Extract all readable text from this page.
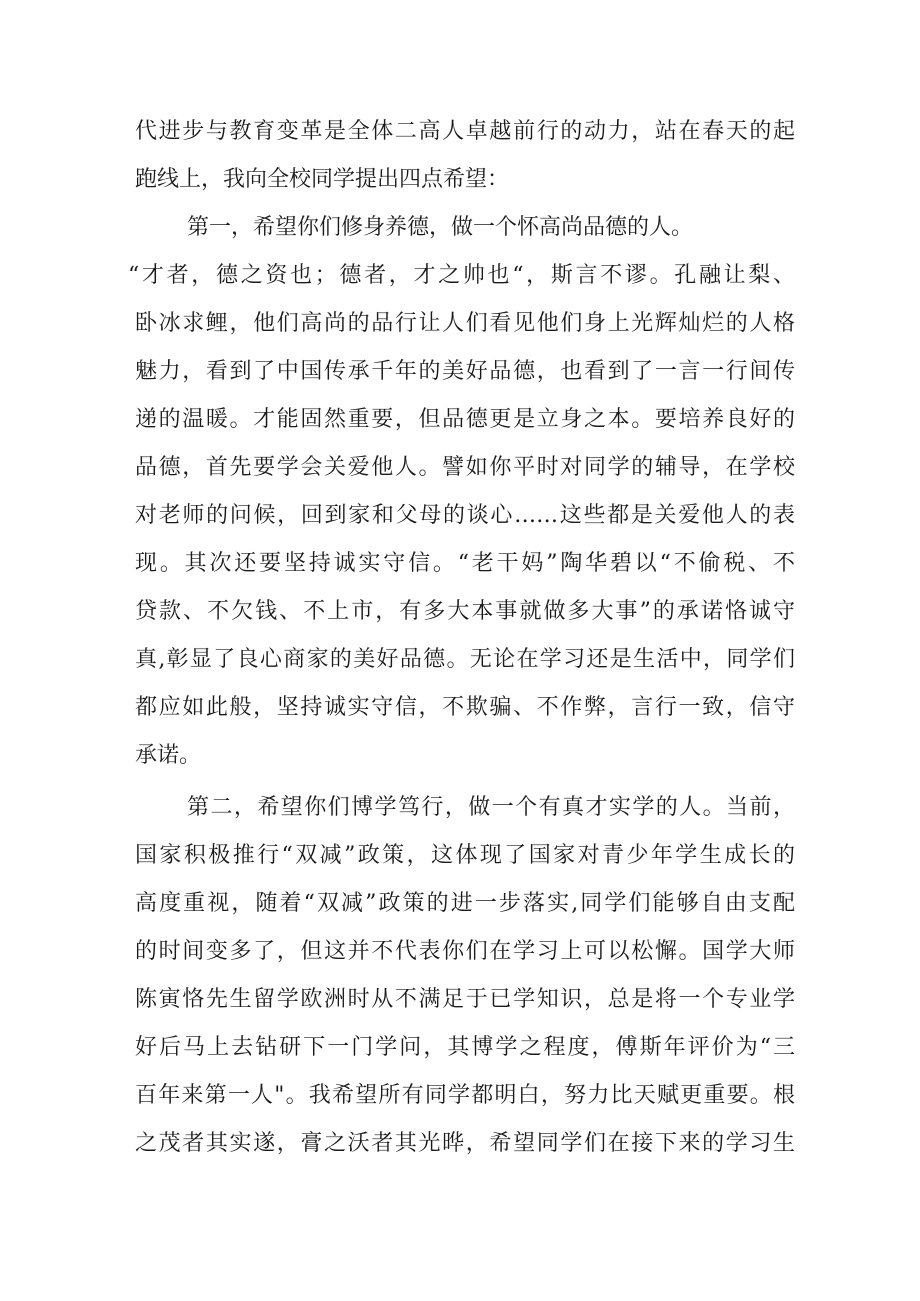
代进步与教育变革是全体二高人卓越前行的动力，站在春天的起
跑线上，我向全校同学提出四点希望：
第一，希望你们修身养德，做一个怀高尚品德的人。
“才者，德之资也；德者，才之帅也“，斯言不谬。孔融让梨、
卧冰求鲤，他们高尚的品行让人们看见他们身上光辉灿烂的人格
魅力，看到了中国传承千年的美好品德，也看到了一言一行间传
递的温暖。才能固然重要，但品德更是立身之本。要培养良好的
品德，首先要学会关爱他人。譬如你平时对同学的辅导，在学校
对老师的问候，回到家和父母的谈心……这些都是关爱他人的表
现。其次还要坚持诚实守信。“老干妈”陶华碧以“不偷税、不
贷款、不欠钱、不上市，有多大本事就做多大事”的承诺恪诚守
真,彰显了良心商家的美好品德。无论在学习还是生活中，同学们
都应如此般，坚持诚实守信，不欺骗、不作弊，言行一致，信守
承诺。
第二，希望你们博学笃行，做一个有真才实学的人。当前，
国家积极推行“双减”政策，这体现了国家对青少年学生成长的
高度重视，随着“双减”政策的进一步落实,同学们能够自由支配
的时间变多了，但这并不代表你们在学习上可以松懈。国学大师
陈寅恪先生留学欧洲时从不满足于已学知识，总是将一个专业学
好后马上去钻研下一门学问，其博学之程度，傅斯年评价为“三
百年来第一人"。我希望所有同学都明白，努力比天赋更重要。根
之茂者其实遂，膏之沃者其光晔，希望同学们在接下来的学习生
